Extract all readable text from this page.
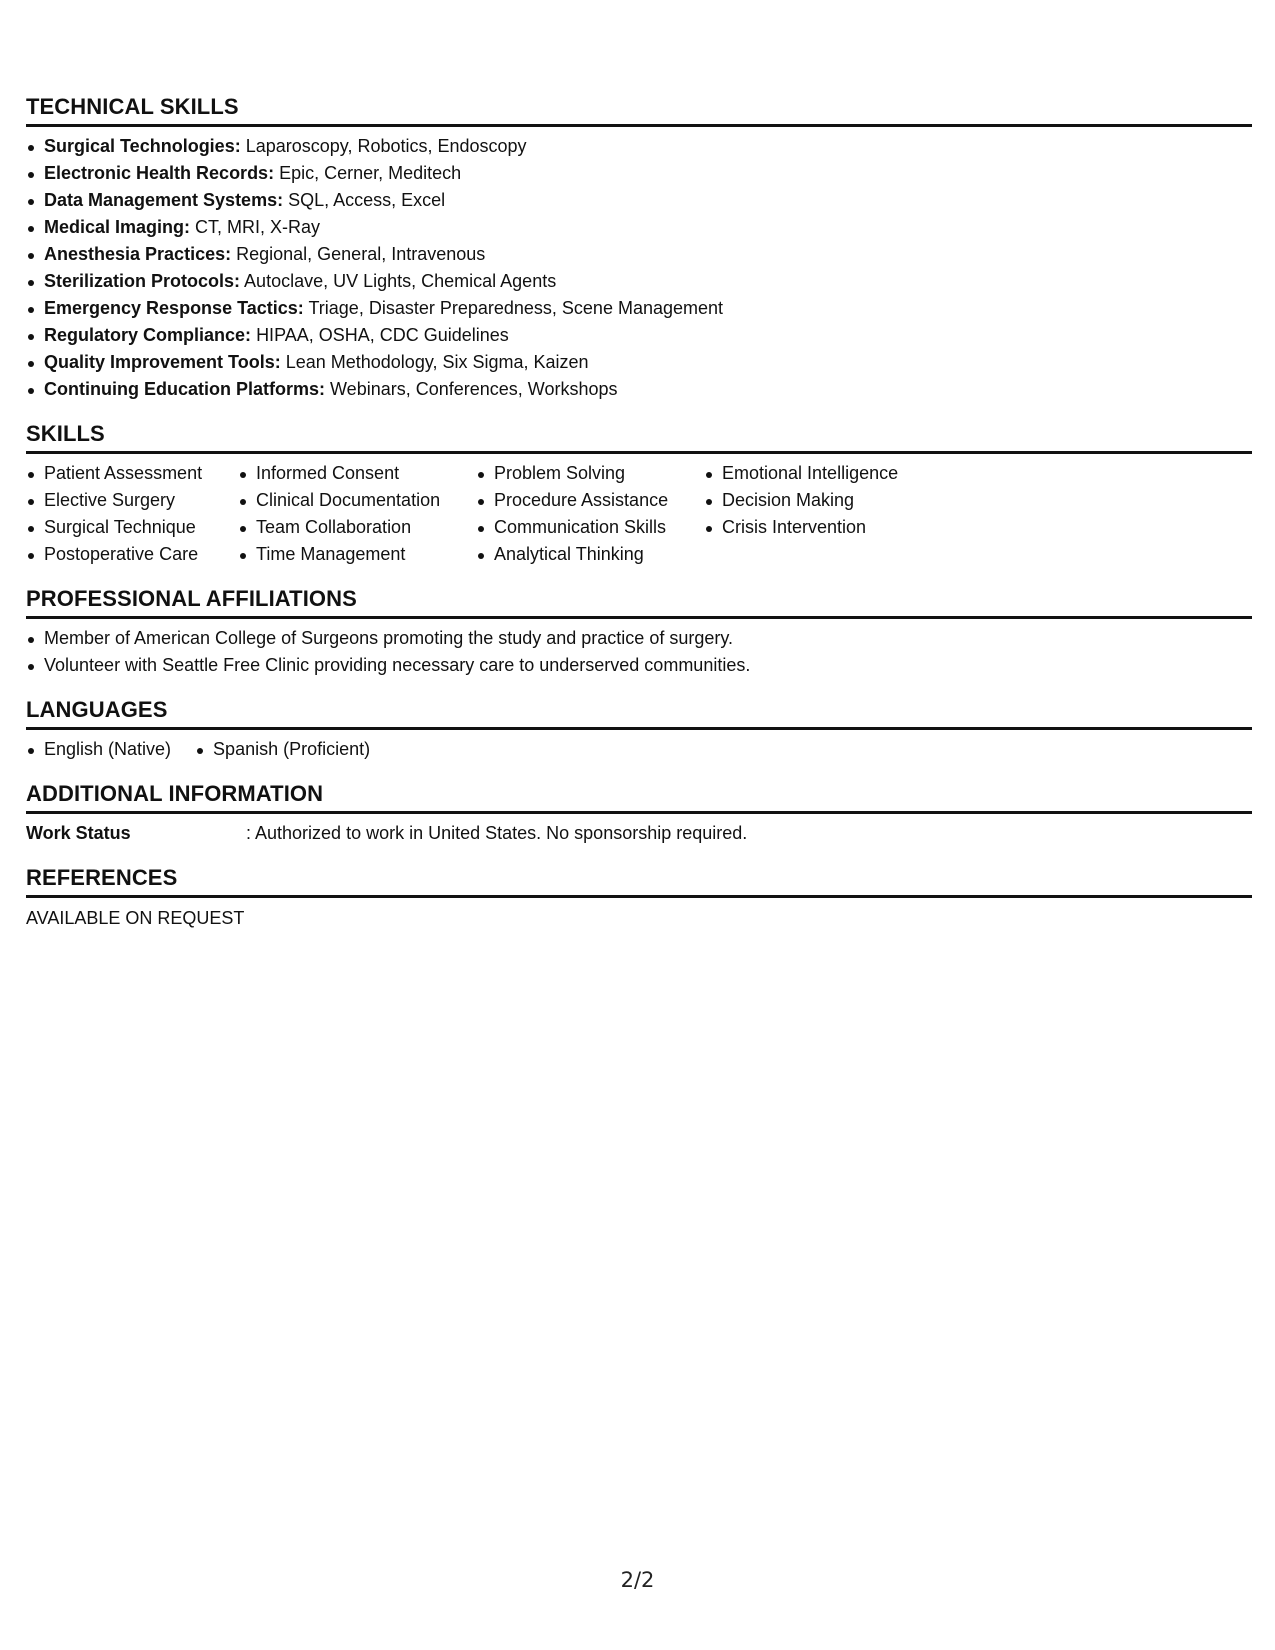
TECHNICAL SKILLS
Surgical Technologies: Laparoscopy, Robotics, Endoscopy
Electronic Health Records: Epic, Cerner, Meditech
Data Management Systems: SQL, Access, Excel
Medical Imaging: CT, MRI, X-Ray
Anesthesia Practices: Regional, General, Intravenous
Sterilization Protocols: Autoclave, UV Lights, Chemical Agents
Emergency Response Tactics: Triage, Disaster Preparedness, Scene Management
Regulatory Compliance: HIPAA, OSHA, CDC Guidelines
Quality Improvement Tools: Lean Methodology, Six Sigma, Kaizen
Continuing Education Platforms: Webinars, Conferences, Workshops
SKILLS
Patient Assessment
Elective Surgery
Surgical Technique
Postoperative Care
Informed Consent
Clinical Documentation
Team Collaboration
Time Management
Problem Solving
Procedure Assistance
Communication Skills
Analytical Thinking
Emotional Intelligence
Decision Making
Crisis Intervention
PROFESSIONAL AFFILIATIONS
Member of American College of Surgeons promoting the study and practice of surgery.
Volunteer with Seattle Free Clinic providing necessary care to underserved communities.
LANGUAGES
English (Native)	Spanish (Proficient)
ADDITIONAL INFORMATION
Work Status	: Authorized to work in United States. No sponsorship required.
REFERENCES
AVAILABLE ON REQUEST
2/2
